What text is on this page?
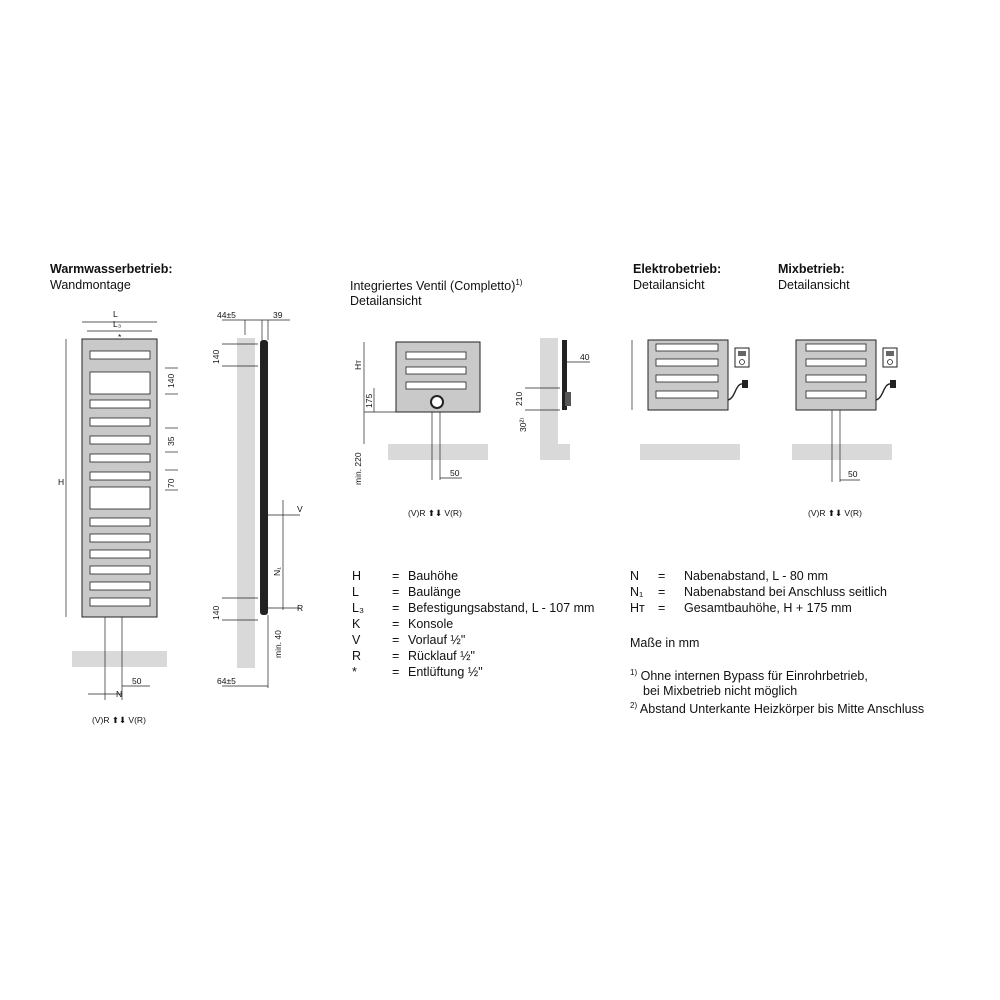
Warmwasserbetrieb:
Wandmontage	Integriertes Ventil (Completto)$^{1)}$
Detailansicht
Elektrobetrieb:
Detailansicht
Mixbetrieb:
Detailansicht
L
L₃
*
H
140
35
70
N
50
(V)R ⬆⬇ V(R)
44±5	39
140
140
N₁
V
R
min. 40
64±5
Hт
175
min. 220	50
(V)R ⬆⬇ V(R)
40
210
30²⁾
50
(V)R ⬆⬇ V(R)
H = Bauhöhe
L	= Baulänge
L₃ = Befestigungsabstand, L - 107 mm
K	= Konsole
V	= Vorlauf ½"
R = Rücklauf ½"
*	= Entlüftung ½"
N = Nabenabstand, L - 80 mm
N₁ = Nabenabstand bei Anschluss seitlich
Hт = Gesamtbauhöhe, H + 175 mm
Maße in mm
$^{1)}$ Ohne internen Bypass für Einrohrbetrieb,
bei Mixbetrieb nicht möglich
$^{2)}$ Abstand Unterkante Heizkörper bis Mitte Anschluss
